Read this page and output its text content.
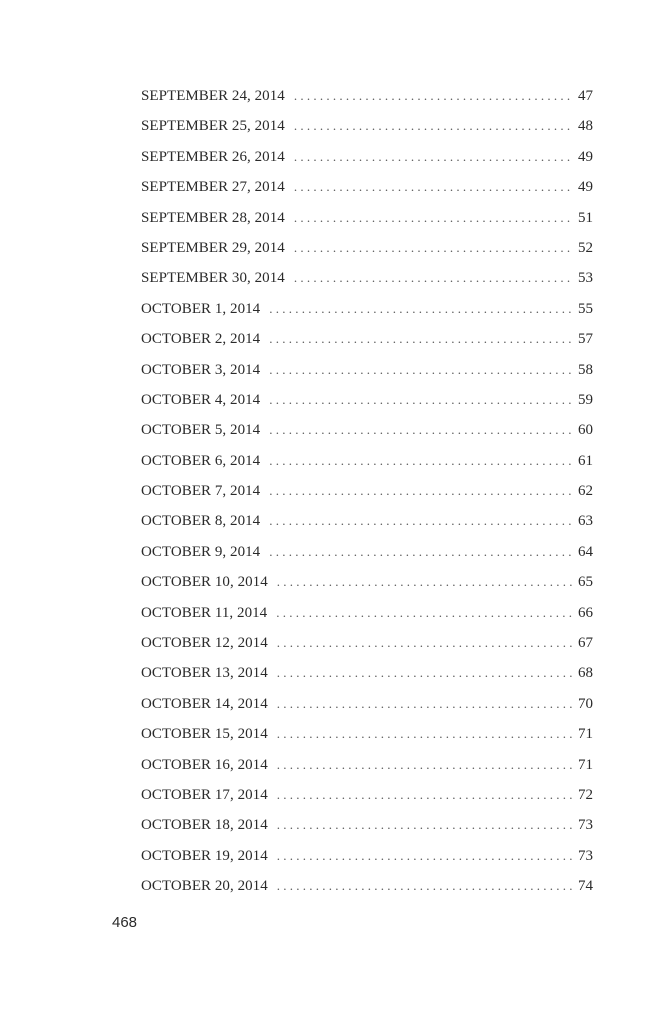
SEPTEMBER 24, 2014 . . .	47
SEPTEMBER 25, 2014 . . .	48
SEPTEMBER 26, 2014 . . .	49
SEPTEMBER 27, 2014 . . .	49
SEPTEMBER 28, 2014 . . .	51
SEPTEMBER 29, 2014 . . .	52
SEPTEMBER 30, 2014 . . .	53
OCTOBER 1, 2014 . . .	55
OCTOBER 2, 2014 . . .	57
OCTOBER 3, 2014 . . .	58
OCTOBER 4, 2014 . . .	59
OCTOBER 5, 2014 . . .	60
OCTOBER 6, 2014 . . .	61
OCTOBER 7, 2014 . . .	62
OCTOBER 8, 2014 . . .	63
OCTOBER 9, 2014 . . .	64
OCTOBER 10, 2014 . . .	65
OCTOBER 11, 2014 . . .	66
OCTOBER 12, 2014 . . .	67
OCTOBER 13, 2014 . . .	68
OCTOBER 14, 2014 . . .	70
OCTOBER 15, 2014 . . .	71
OCTOBER 16, 2014 . . .	71
OCTOBER 17, 2014 . . .	72
OCTOBER 18, 2014 . . .	73
OCTOBER 19, 2014 . . .	73
OCTOBER 20, 2014 . . .	74
468
